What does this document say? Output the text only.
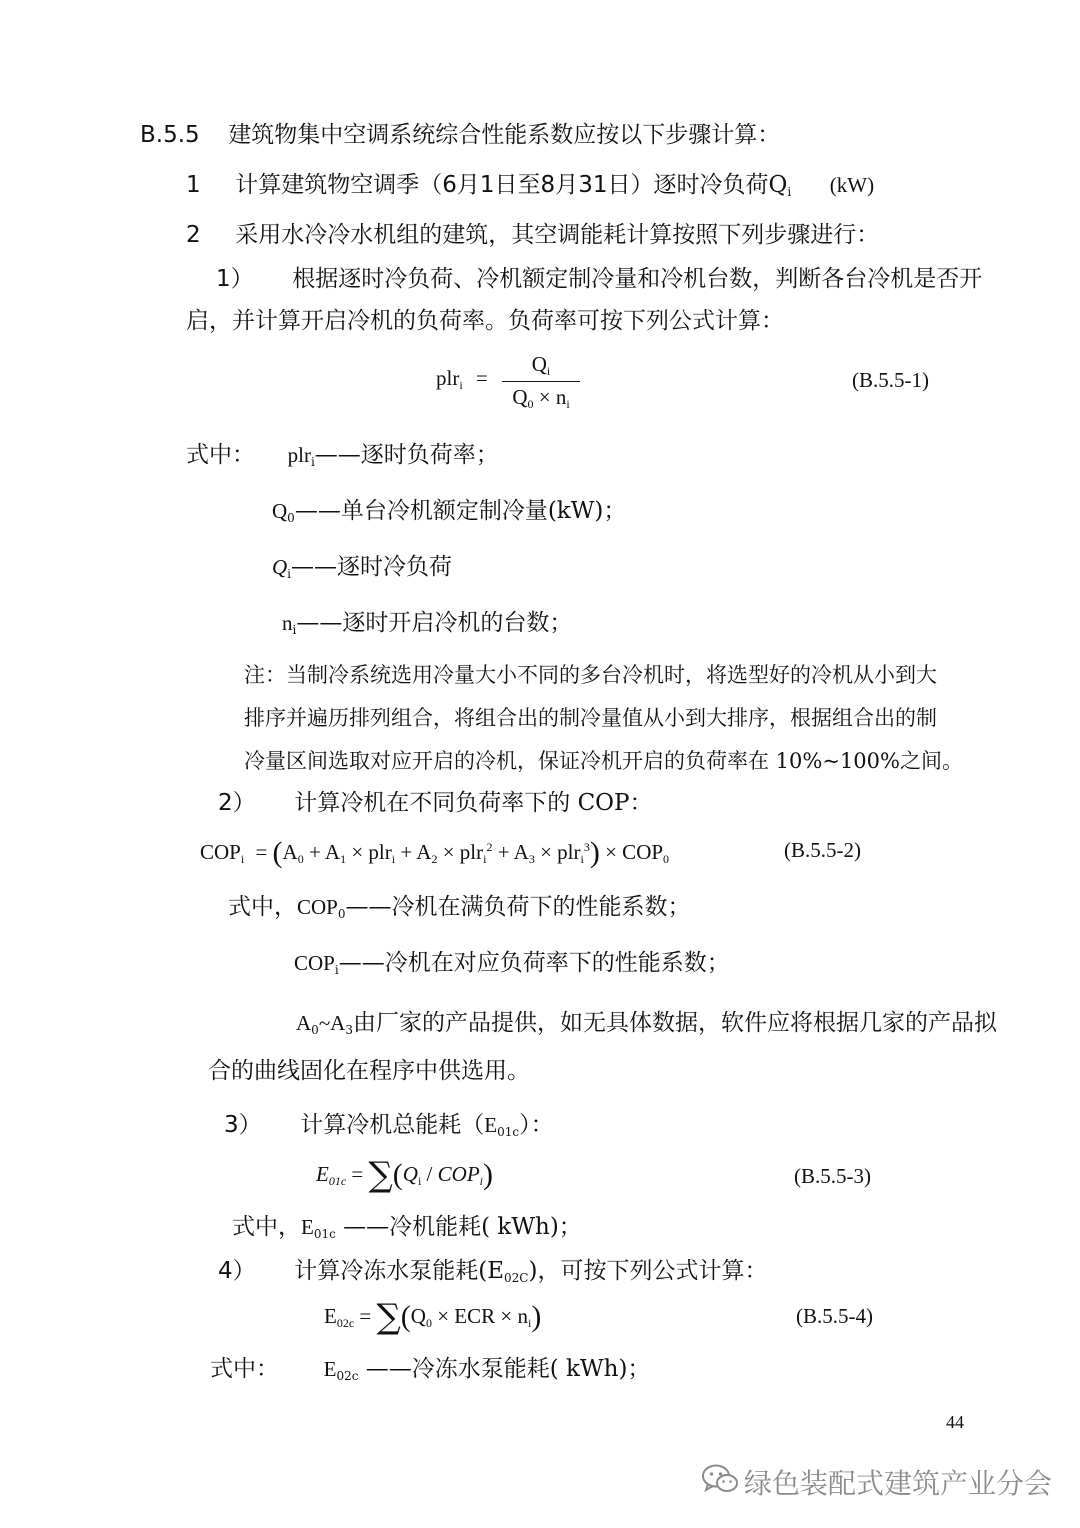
B.5.5 建筑物集中空调系统综合性能系数应按以下步骤计算：
1 计算建筑物空调季（6月1日至8月31日）逐时冷负荷$Q_i$ (kW)
2 采用水冷冷水机组的建筑，其空调能耗计算按照下列步骤进行：
1） 根据逐时冷负荷、冷机额定制冷量和冷机台数，判断各台冷机是否开
启，并计算开启冷机的负荷率。负荷率可按下列公式计算：
$plr_i = \frac{Q_i}{Q_0 \times n_i}$	(B.5.5-1)
式中： plr$_i$——逐时负荷率；
$Q_0——$单台冷机额定制冷量(kW)；
$Q_i——$逐时冷负荷
$n_i——$逐时开启冷机的台数；
注：当制冷系统选用冷量大小不同的多台冷机时，将选型好的冷机从小到大
排序并遍历排列组合，将组合出的制冷量值从小到大排序，根据组合出的制
冷量区间选取对应开启的冷机，保证冷机开启的负荷率在 10%~100%之间。
2） 计算冷机在不同负荷率下的 COP：
$COP_i = (A_0 + A_1 \times plr_i + A_2 \times plr_i^2 + A_3 \times plr_i^3) \times COP_0$	(B.5.5-2)
式中，$COP_0——$冷机在满负荷下的性能系数；
$COP_i——$冷机在对应负荷率下的性能系数；
$A_0\sim A_3$由厂家的产品提供，如无具体数据，软件应将根据几家的产品拟
合的曲线固化在程序中供选用。
3） 计算冷机总能耗$(E_{01c})$：
$E_{01c} = \sum(Q_i / COP_i)$	(B.5.5-3)
式中，$E_{01c}$ ——冷机能耗( kWh)；
4） 计算冷冻水泵能耗$(E_{02C})$，可按下列公式计算：
$E_{02c} = \sum(Q_0$ × ECR × $n_i$)	(B.5.5-4)
式中： $E_{02c}$ ——冷冻水泵能耗( kWh)；
44
绿色装配式建筑产业分会
